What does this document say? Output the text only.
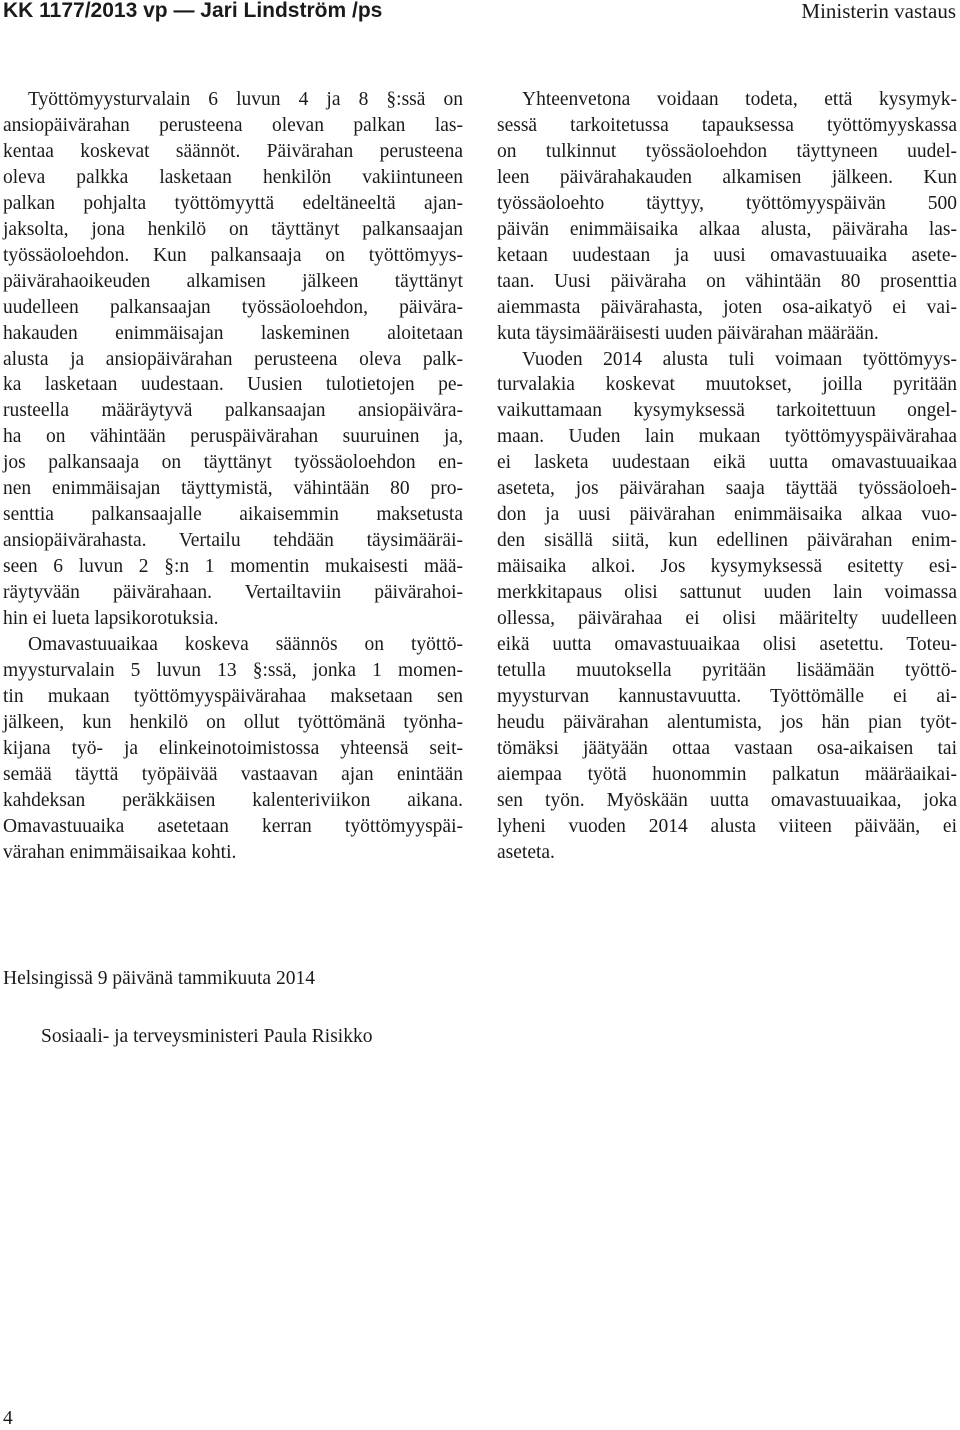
KK 1177/2013 vp — Jari Lindström /ps	Ministerin vastaus
Työttömyysturvalain 6 luvun 4 ja 8 §:ssä on
ansiopäivärahan perusteena olevan palkan las-
kentaa koskevat säännöt. Päivärahan perusteena
oleva palkka lasketaan henkilön vakiintuneen
palkan pohjalta työttömyyttä edeltäneeltä ajan-
jaksolta, jona henkilö on täyttänyt palkansaajan
työssäoloehdon. Kun palkansaaja on työttömyys-
päivärahaoikeuden alkamisen jälkeen täyttänyt
uudelleen palkansaajan työssäoloehdon, päivära-
hakauden enimmäisajan laskeminen aloitetaan
alusta ja ansiopäivärahan perusteena oleva palk-
ka lasketaan uudestaan. Uusien tulotietojen pe-
rusteella määräytyvä palkansaajan ansiopäivära-
ha on vähintään peruspäivärahan suuruinen ja,
jos palkansaaja on täyttänyt työssäoloehdon en-
nen enimmäisajan täyttymistä, vähintään 80 pro-
senttia palkansaajalle aikaisemmin maksetusta
ansiopäivärahasta. Vertailu tehdään täysimääräi-
seen 6 luvun 2 §:n 1 momentin mukaisesti mää-
räytyvään päivärahaan. Vertailtaviin päivärahoi-
hin ei lueta lapsikorotuksia.
Omavastuuaikaa koskeva säännös on työttö-
myysturvalain 5 luvun 13 §:ssä, jonka 1 momen-
tin mukaan työttömyyspäivärahaa maksetaan sen
jälkeen, kun henkilö on ollut työttömänä työnha-
kijana työ- ja elinkeinotoimistossa yhteensä seit-
semää täyttä työpäivää vastaavan ajan enintään
kahdeksan peräkkäisen kalenteriviikon aikana.
Omavastuuaika asetetaan kerran työttömyyspäi-
värahan enimmäisaikaa kohti.
Yhteenvetona voidaan todeta, että kysymyk-
sessä tarkoitetussa tapauksessa työttömyyskassa
on tulkinnut työssäoloehdon täyttyneen uudel-
leen päivärahakauden alkamisen jälkeen. Kun
työssäoloehto täyttyy, työttömyyspäivän 500
päivän enimmäisaika alkaa alusta, päiväraha las-
ketaan uudestaan ja uusi omavastuuaika asete-
taan. Uusi päiväraha on vähintään 80 prosenttia
aiemmasta päivärahasta, joten osa-aikatyö ei vai-
kuta täysimääräisesti uuden päivärahan määrään.
Vuoden 2014 alusta tuli voimaan työttömyys-
turvalakia koskevat muutokset, joilla pyritään
vaikuttamaan kysymyksessä tarkoitettuun ongel-
maan. Uuden lain mukaan työttömyyspäivärahaa
ei lasketa uudestaan eikä uutta omavastuuaikaa
aseteta, jos päivärahan saaja täyttää työssäoloeh-
don ja uusi päivärahan enimmäisaika alkaa vuo-
den sisällä siitä, kun edellinen päivärahan enim-
mäisaika alkoi. Jos kysymyksessä esitetty esi-
merkkitapaus olisi sattunut uuden lain voimassa
ollessa, päivärahaa ei olisi määritelty uudelleen
eikä uutta omavastuuaikaa olisi asetettu. Toteu-
tetulla muutoksella pyritään lisäämään työttö-
myysturvan kannustavuutta. Työttömälle ei ai-
heudu päivärahan alentumista, jos hän pian työt-
tömäksi jäätyään ottaa vastaan osa-aikaisen tai
aiempaa työtä huonommin palkatun määräaikai-
sen työn. Myöskään uutta omavastuuaikaa, joka
lyheni vuoden 2014 alusta viiteen päivään, ei
aseteta.
Helsingissä 9 päivänä tammikuuta 2014
Sosiaali- ja terveysministeri Paula Risikko
4
